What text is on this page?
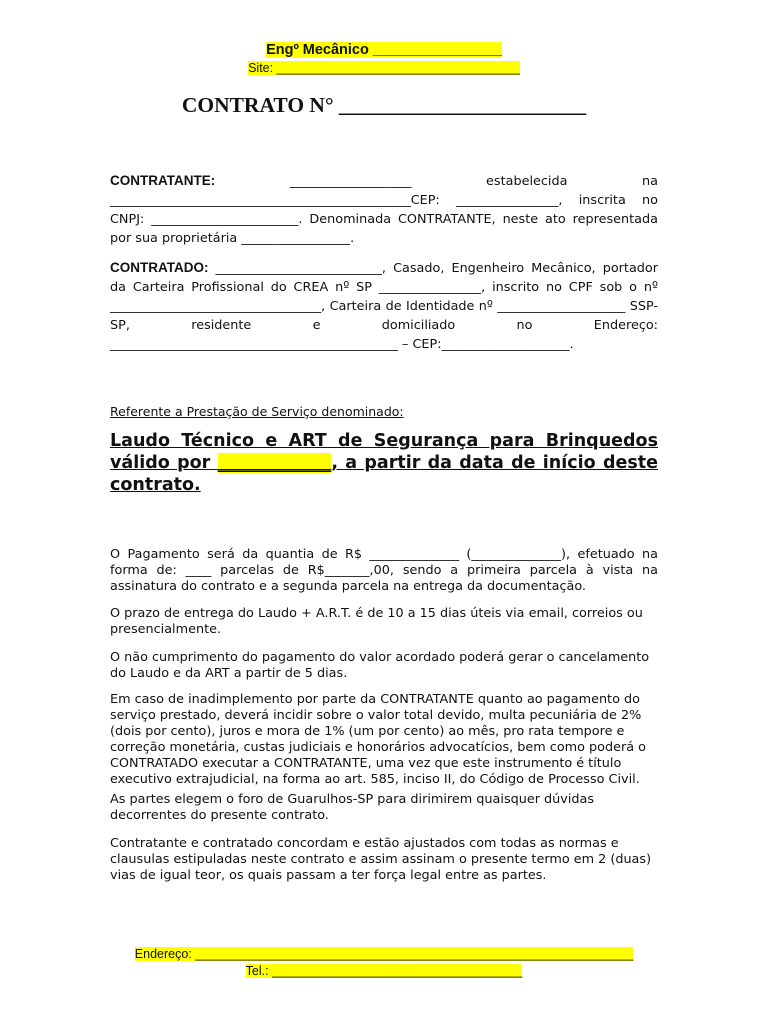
Engº Mecânico ________________
Site: ___________________________________
CONTRATO N° _______________________
CONTRATANTE: ___________________ estabelecida na _______________________________________________CEP: ________________, inscrita no CNPJ: _______________________. Denominada CONTRATANTE, neste ato representada por sua proprietária _________________.
CONTRATADO: __________________________, Casado, Engenheiro Mecânico, portador da Carteira Profissional do CREA nº SP ________________, inscrito no CPF sob o nº _________________________________, Carteira de Identidade nº ____________________ SSP-SP, residente e domiciliado no Endereço: _____________________________________________ – CEP:____________________.
Referente a Prestação de Serviço denominado:
Laudo Técnico e ART de Segurança para Brinquedos válido por _____________, a partir da data de início deste contrato.
O Pagamento será da quantia de R$ ______________ (______________), efetuado na forma de: ____ parcelas de R$_______,00, sendo a primeira parcela à vista na assinatura do contrato e a segunda parcela na entrega da documentação.
O prazo de entrega do Laudo + A.R.T. é de 10 a 15 dias úteis via email, correios ou presencialmente.
O não cumprimento do pagamento do valor acordado poderá gerar o cancelamento do Laudo e da ART a partir de 5 dias.
Em caso de inadimplemento por parte da CONTRATANTE quanto ao pagamento do serviço prestado, deverá incidir sobre o valor total devido, multa pecuniária de 2% (dois por cento), juros e mora de 1% (um por cento) ao mês, pro rata tempore e correção monetária, custas judiciais e honorários advocatícios, bem como poderá o CONTRATADO executar a CONTRATANTE, uma vez que este instrumento é título executivo extrajudicial, na forma ao art. 585, inciso II, do Código de Processo Civil.
As partes elegem o foro de Guarulhos-SP para dirimirem quaisquer dúvidas decorrentes do presente contrato.
Contratante e contratado concordam e estão ajustados com todas as normas e clausulas estipuladas neste contrato e assim assinam o presente termo em 2 (duas) vias de igual teor, os quais passam a ter força legal entre as partes.
Endereço: _______________________________________________________________
Tel.: ____________________________________
